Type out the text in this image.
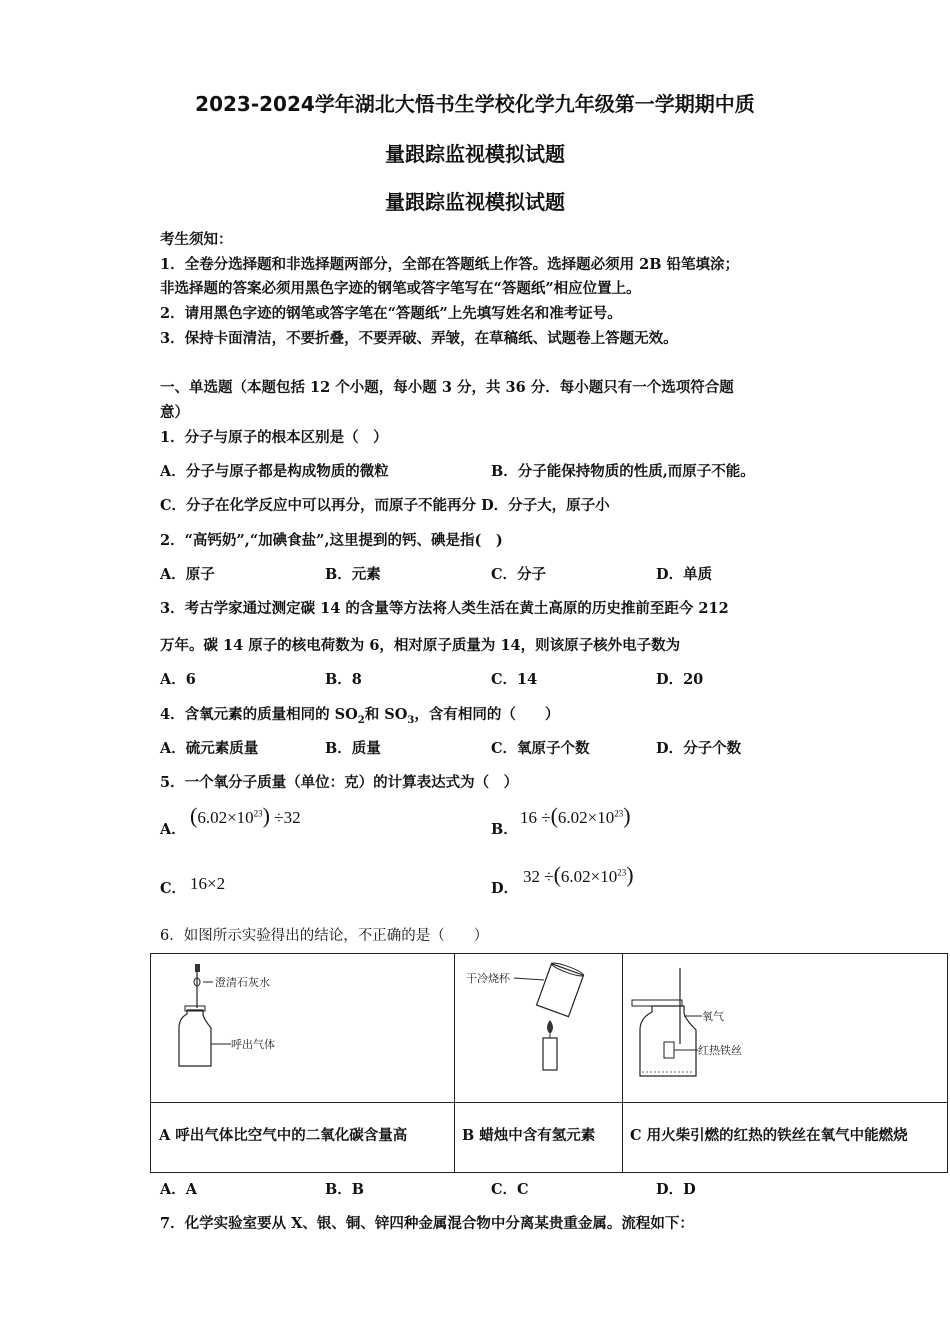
2023-2024学年湖北大悟书生学校化学九年级第一学期期中质
量跟踪监视模拟试题
量跟踪监视模拟试题
考生须知：
1．全卷分选择题和非选择题两部分，全部在答题纸上作答。选择题必须用 2B 铅笔填涂；
非选择题的答案必须用黑色字迹的钢笔或答字笔写在“答题纸”相应位置上。
2．请用黑色字迹的钢笔或答字笔在“答题纸”上先填写姓名和准考证号。
3．保持卡面清洁，不要折叠，不要弄破、弄皱，在草稿纸、试题卷上答题无效。
一、单选题（本题包括 12 个小题，每小题 3 分，共 36 分．每小题只有一个选项符合题
意）
1．分子与原子的根本区别是（　）
A．分子与原子都是构成物质的微粒	B．分子能保持物质的性质,而原子不能。
C．分子在化学反应中可以再分，而原子不能再分 D．分子大，原子小
2．“高钙奶”,“加碘食盐”,这里提到的钙、碘是指(　)
A．原子	B．元素	C．分子	D．单质
3．考古学家通过测定碳 14 的含量等方法将人类生活在黄土高原的历史推前至距今 212
万年。碳 14 原子的核电荷数为 6，相对原子质量为 14，则该原子核外电子数为
A．6	B．8	C．14	D．20
4．含氧元素的质量相同的 $SO_2$和 $SO_3$，含有相同的（　　）
A．硫元素质量	B．质量	C．氧原子个数	D．分子个数
5．一个氧分子质量（单位：克）的计算表达式为（　）
A．
$(6.02\times 10^{23}) \div 32$
B．
$16 \div(6.02\times 10^{23})$
C． 16×2	D．
$32 \div(6.02\times 10^{23})$
6．如图所示实验得出的结论，不正确的是（　　）
澄清石灰水
呼出气体
干冷烧杯
氧气
红热铁丝
A 呼出气体比空气中的二氧化碳含量高	B 蜡烛中含有氢元素 C 用火柴引燃的红热的铁丝在氧气中能燃烧
A．A	B．B	C．C	D．D
7．化学实验室要从 X、银、铜、锌四种金属混合物中分离某贵重金属。流程如下：
